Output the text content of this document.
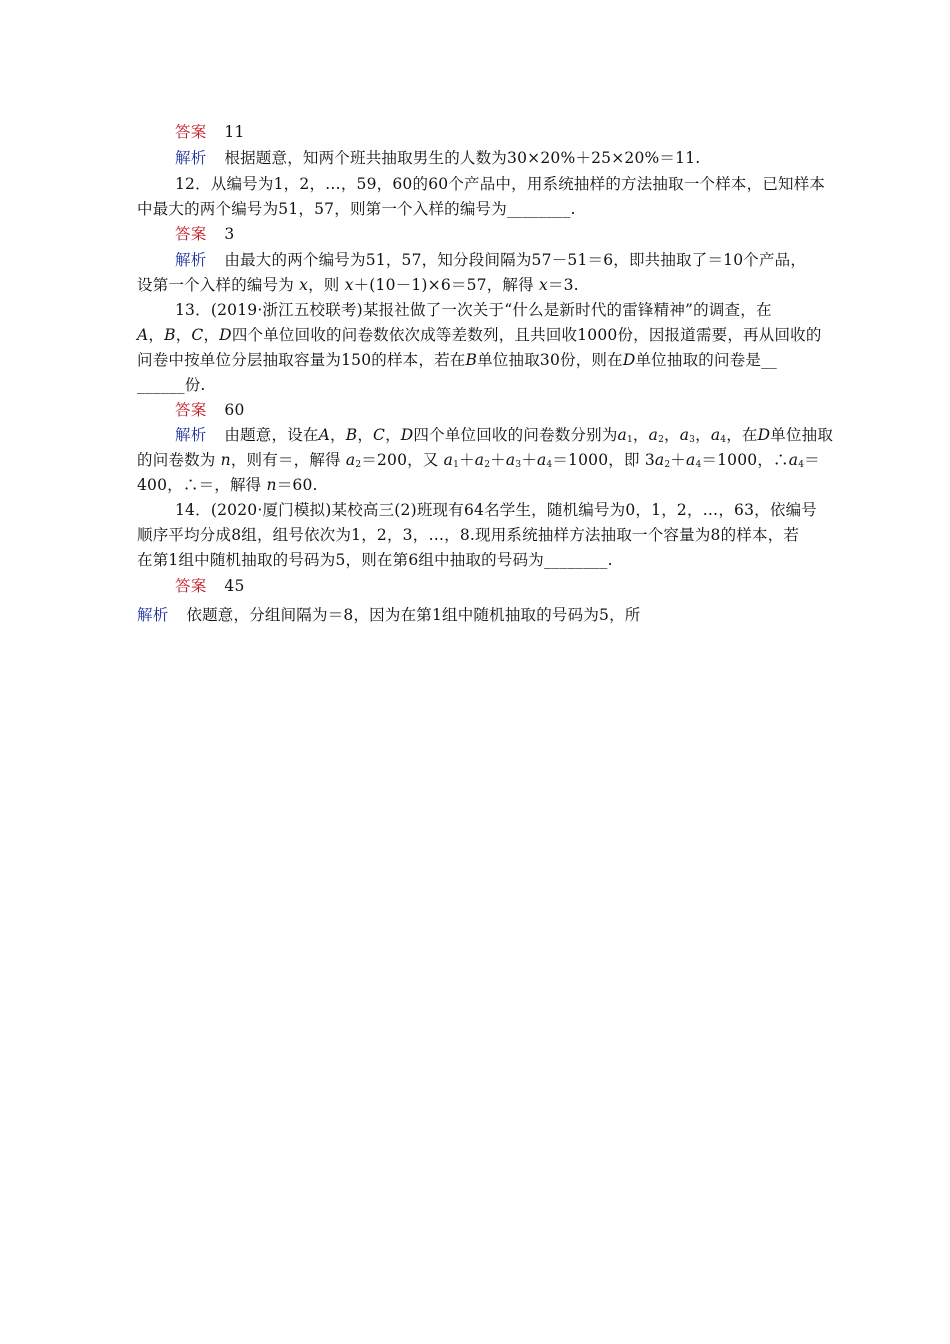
答案 11
解析 根据题意，知两个班共抽取男生的人数为30×20%＋25×20%＝11.
12．从编号为1，2，…，59，60的60个产品中，用系统抽样的方法抽取一个样本，已知样本
中最大的两个编号为51，57，则第一个入样的编号为________.
答案 3
解析 由最大的两个编号为51，57，知分段间隔为57－51＝6，即共抽取了＝10个产品，
设第一个入样的编号为 x，则 x＋(10－1)×6＝57，解得 x＝3.
13．(2019·浙江五校联考)某报社做了一次关于“什么是新时代的雷锋精神”的调查，在
A，B，C，D四个单位回收的问卷数依次成等差数列，且共回收1000份，因报道需要，再从回收的
问卷中按单位分层抽取容量为150的样本，若在B单位抽取30份，则在D单位抽取的问卷是__
______份.
答案 60
解析 由题意，设在A，B，C，D四个单位回收的问卷数分别为$a_1$，$a_2$，$a_3$，$a_4$，在D单位抽取
的问卷数为 n，则有＝，解得 $a_2=200$，又 $a_1+a_2+a_3+a_4=1000$，即 $3a_2+a_4=1000$，$\therefore a_4=$
400，∴＝，解得 n＝60.
14．(2020·厦门模拟)某校高三(2)班现有64名学生，随机编号为0，1，2，…，63，依编号
顺序平均分成8组，组号依次为1，2，3，…，8.现用系统抽样方法抽取一个容量为8的样本，若
在第1组中随机抽取的号码为5，则在第6组中抽取的号码为________.
答案 45
解析 依题意，分组间隔为＝8，因为在第1组中随机抽取的号码为5，所
